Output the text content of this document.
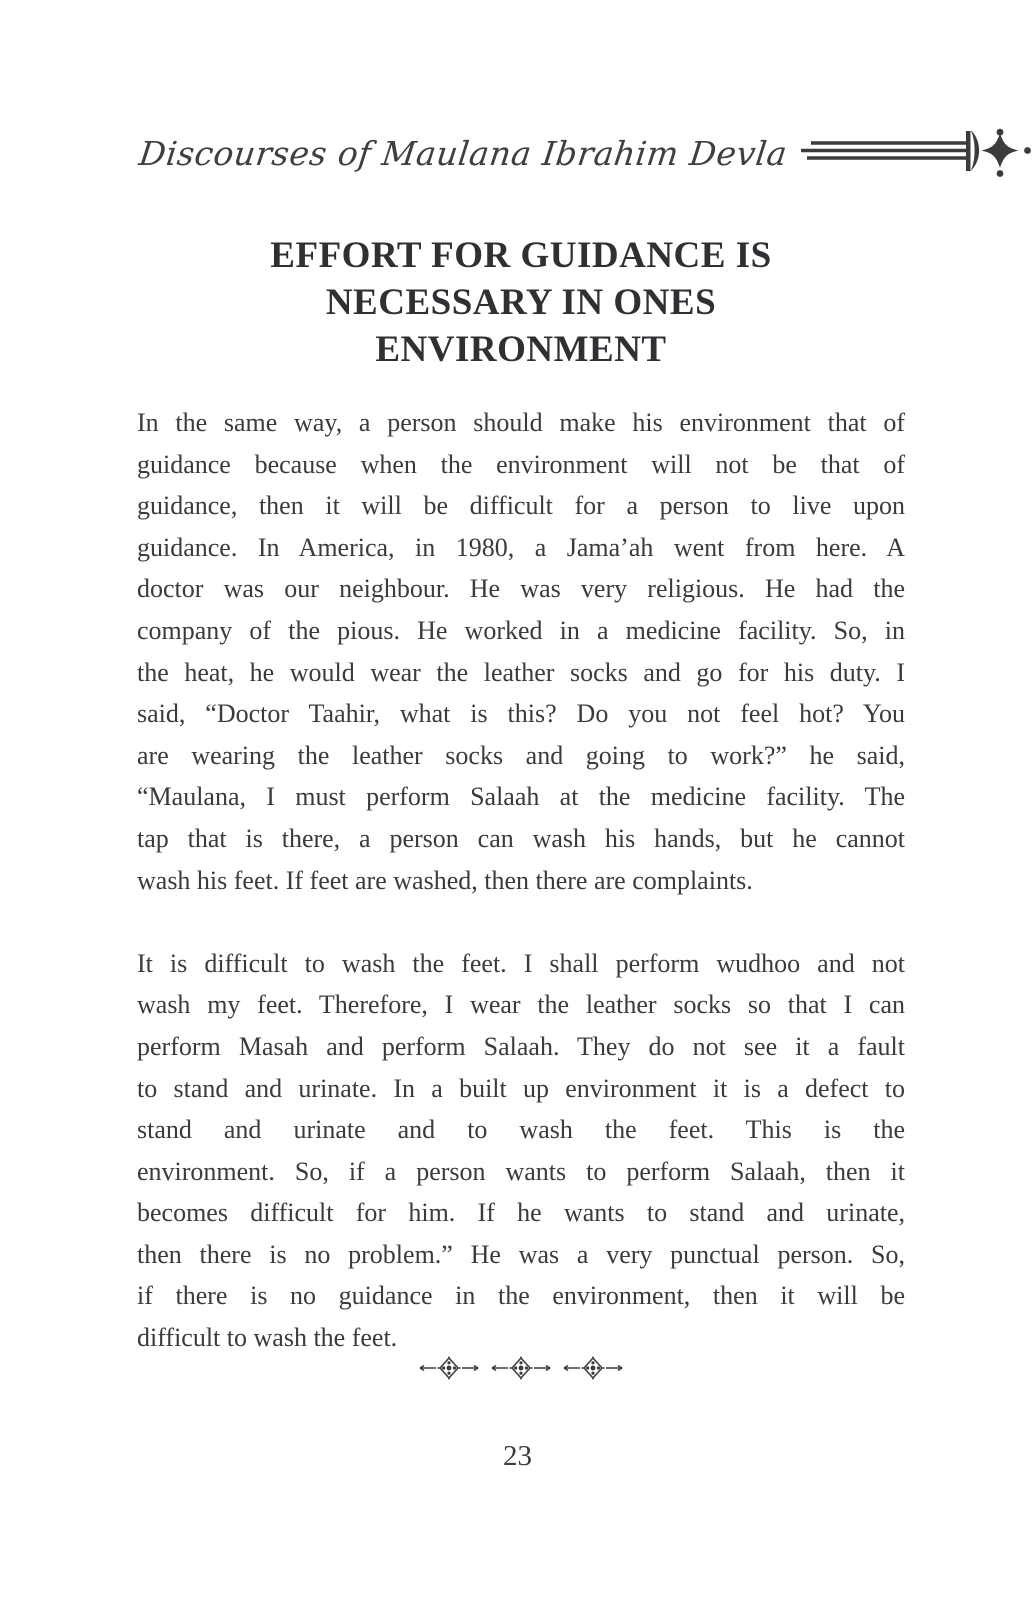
Discourses of Maulana Ibrahim Devla
EFFORT FOR GUIDANCE IS
NECESSARY IN ONES
ENVIRONMENT
In the same way, a person should make his environment that of
guidance because when the environment will not be that of
guidance, then it will be difficult for a person to live upon
guidance. In America, in 1980, a Jama’ah went from here. A
doctor was our neighbour. He was very religious. He had the
company of the pious. He worked in a medicine facility. So, in
the heat, he would wear the leather socks and go for his duty. I
said, “Doctor Taahir, what is this? Do you not feel hot? You
are wearing the leather socks and going to work?” he said,
“Maulana, I must perform Salaah at the medicine facility. The
tap that is there, a person can wash his hands, but he cannot
wash his feet. If feet are washed, then there are complaints.
It is difficult to wash the feet. I shall perform wudhoo and not
wash my feet. Therefore, I wear the leather socks so that I can
perform Masah and perform Salaah. They do not see it a fault
to stand and urinate. In a built up environment it is a defect to
stand and urinate and to wash the feet. This is the
environment. So, if a person wants to perform Salaah, then it
becomes difficult for him. If he wants to stand and urinate,
then there is no problem.” He was a very punctual person. So,
if there is no guidance in the environment, then it will be
difficult to wash the feet.
23
